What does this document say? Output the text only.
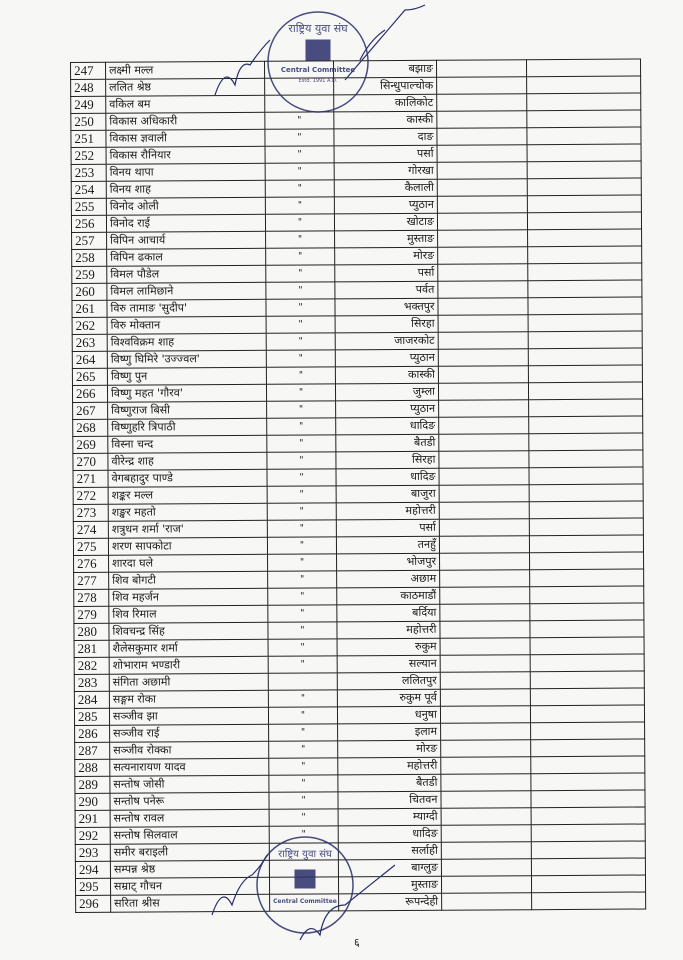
247	लक्ष्मी मल्ल		बझाङ		
248	ललित श्रेष्ठ		सिन्धुपाल्चोक		
249	वकिल बम		कालिकोट		
250	विकास अधिकारी	"	कास्की		
251	विकास ज्ञवाली	"	दाङ		
252	विकास रौनियार	"	पर्सा		
253	विनय थापा	"	गोरखा		
254	विनय शाह	"	कैलाली		
255	विनोद ओली	"	प्युठान		
256	विनोद राई	"	खोटाङ		
257	विपिन आचार्य	"	मुस्ताङ		
258	विपिन ढकाल	"	मोरङ		
259	विमल पौडेल	"	पर्सा		
260	विमल लामिछाने	"	पर्वत		
261	विरु तामाङ 'सुदीप'	"	भक्तपुर		
262	विरु मोक्तान	"	सिरहा		
263	विश्वविक्रम शाह	"	जाजरकोट		
264	विष्णु घिमिरे 'उज्ज्वल'	"	प्युठान		
265	विष्णु पुन	"	कास्की		
266	विष्णु महत 'गौरव'	"	जुम्ला		
267	विष्णुराज बिसी	"	प्युठान		
268	विष्णुहरि त्रिपाठी	"	धादिङ		
269	विस्ना चन्द	"	बैतडी		
270	वीरेन्द्र शाह	"	सिरहा		
271	वेगबहादुर पाण्डे	"	धादिङ		
272	शङ्कर मल्ल	"	बाजुरा		
273	शङ्खर महतो	"	महोत्तरी		
274	शत्रुधन शर्मा 'राज'	"	पर्सा		
275	शरण सापकोटा	"	तनहुँ		
276	शारदा घले	"	भोजपुर		
277	शिव बोगटी	"	अछाम		
278	शिव महर्जन	"	काठमाडौं		
279	शिव रिमाल	"	बर्दिया		
280	शिवचन्द्र सिंह	"	महोत्तरी		
281	शैलेसकुमार शर्मा	"	रुकुम		
282	शोभाराम भण्डारी	"	सल्यान		
283	संगिता अछामी		ललितपुर		
284	सङ्गम रोका	"	रुकुम पूर्व		
285	सञ्जीव झा	"	धनुषा		
286	सञ्जीव राई	"	इलाम		
287	सञ्जीव रोक्का	"	मोरङ		
288	सत्यनारायण यादव	"	महोत्तरी		
289	सन्तोष जोसी	"	बैतडी		
290	सन्तोष पनेरू	"	चितवन		
291	सन्तोष रावल	"	म्याग्दी		
292	सन्तोष सिलवाल	"	धादिङ		
293	समीर बराइली		सर्लाही		
294	सम्पन्न श्रेष्ठ		बाग्लुङ		
295	सम्राट् गौचन		मुस्ताङ		
296	सरिता श्रीस		रूपन्देही		
राष्ट्रिय युवा संघ
Central Committee
Estd. 1991 A.D.
राष्ट्रिय युवा संघ
Central Committee
६
